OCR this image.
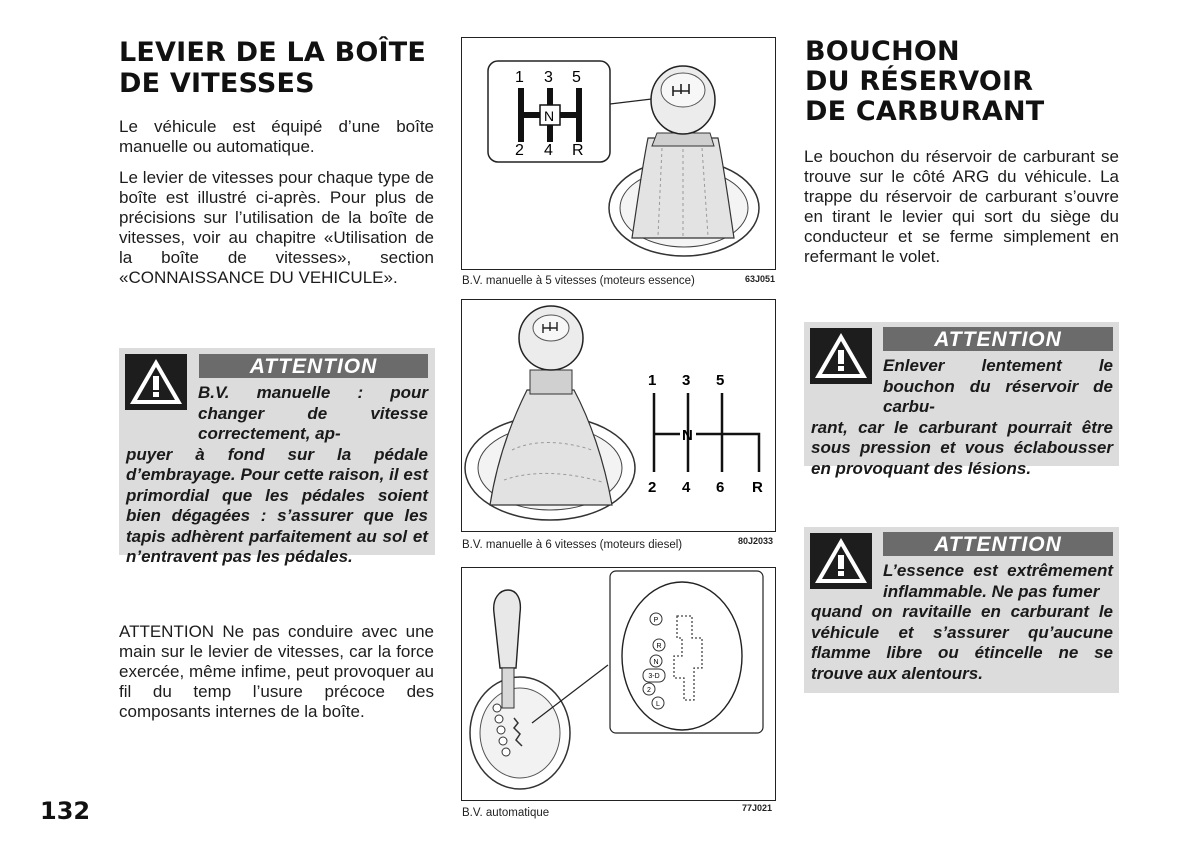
LEVIER DE LA BOÎTE
DE VITESSES

Le véhicule est équipé d’une boîte manuelle ou automatique.

Le levier de vitesses pour chaque type de boîte est illustré ci-après. Pour plus de précisions sur l’utilisation de la boîte de vitesses, voir au chapitre «Utilisation de la boîte de vitesses», section «CONNAISSANCE DU VEHICULE».

ATTENTION

B.V. manuelle : pour changer de vitesse correctement, ap-
puyer à fond sur la pédale d’embrayage. Pour cette raison, il est primordial que les pédales soient bien dégagées : s’assurer que les tapis adhèrent parfaitement au sol et n’entravent pas les pédales.

ATTENTION Ne pas conduire avec une main sur le levier de vitesses, car la force exercée, même infime, peut provoquer au fil du temp l’usure précoce des composants internes de la boîte.

132
1 3 5
N
2 4 R
B.V. manuelle à 5 vitesses (moteurs essence)	63J051
1 3 5
N
2 4 6 R
B.V. manuelle à 6 vitesses (moteurs diesel)	80J2033
P
R
N
3-D
2
L
B.V. automatique	77J021
BOUCHON
DU RÉSERVOIR
DE CARBURANT

Le bouchon du réservoir de carburant se trouve sur le côté ARG du véhicule. La trappe du réservoir de carburant s’ouvre en tirant le levier qui sort du siège du conducteur et se ferme simplement en refermant le volet.

ATTENTION

Enlever lentement le bouchon du réservoir de carbu-
rant, car le carburant pourrait être sous pression et vous éclabousser en provoquant des lésions.

ATTENTION

L’essence est extrêmement inflammable. Ne pas fumer
quand on ravitaille en carburant le véhicule et s’assurer qu’aucune flamme libre ou étincelle ne se trouve aux alentours.
